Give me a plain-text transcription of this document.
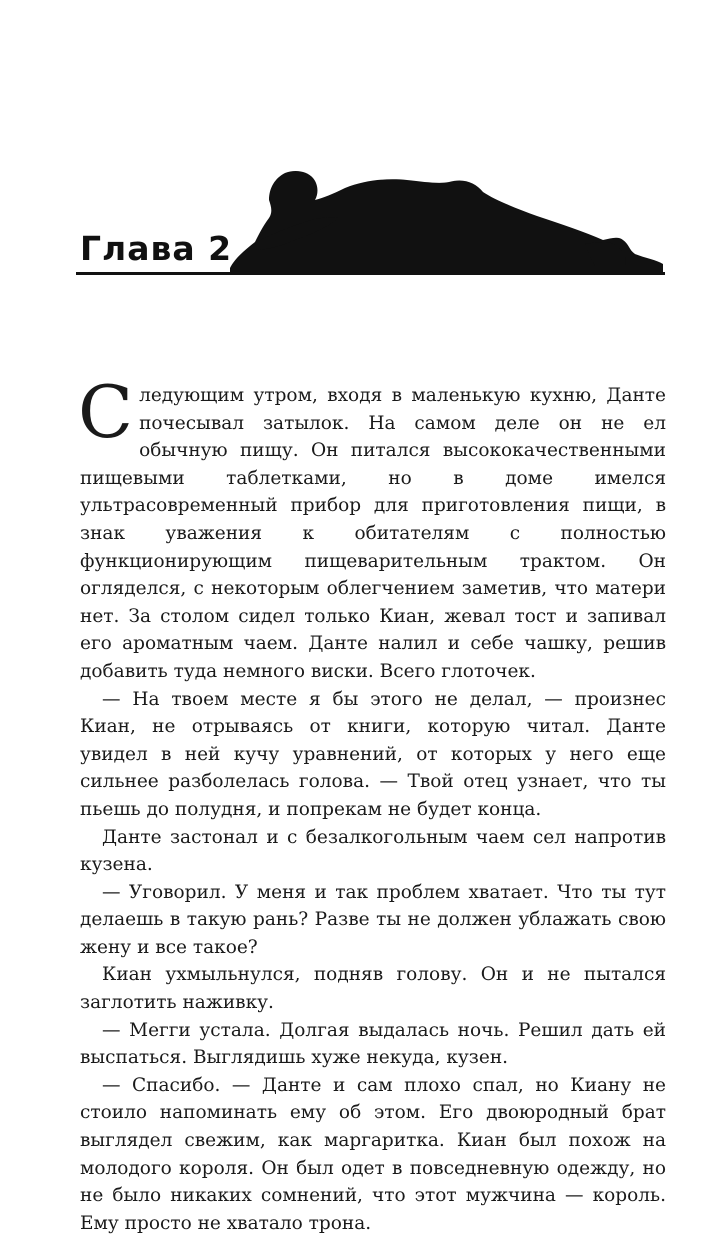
Глава 2

Следующим утром, входя в маленькую кухню, Данте почесывал затылок. На самом деле он не ел обычную пищу. Он питался высококачественными пищевыми таблетками, но в доме имелся ультрасовременный прибор для приготовления пищи, в знак уважения к обитателям с полностью функционирующим пищеварительным трактом. Он огляделся, с некоторым облегчением заметив, что матери нет. За столом сидел только Киан, жевал тост и запивал его ароматным чаем. Данте налил и себе чашку, решив добавить туда немного виски. Всего глоточек.

— На твоем месте я бы этого не делал, — произнес Киан, не отрываясь от книги, которую читал. Данте увидел в ней кучу уравнений, от которых у него еще сильнее разболелась голова. — Твой отец узнает, что ты пьешь до полудня, и попрекам не будет конца.

Данте застонал и с безалкогольным чаем сел напротив кузена.

— Уговорил. У меня и так проблем хватает. Что ты тут делаешь в такую рань? Разве ты не должен ублажать свою жену и все такое?

Киан ухмыльнулся, подняв голову. Он и не пытался заглотить наживку.

— Мегги устала. Долгая выдалась ночь. Решил дать ей выспаться. Выглядишь хуже некуда, кузен.

— Спасибо. — Данте и сам плохо спал, но Киану не стоило напоминать ему об этом. Его двоюродный брат выглядел свежим, как маргаритка. Киан был похож на молодого короля. Он был одет в повседневную одежду, но не было никаких сомнений, что этот мужчина — король. Ему просто не хватало трона.
